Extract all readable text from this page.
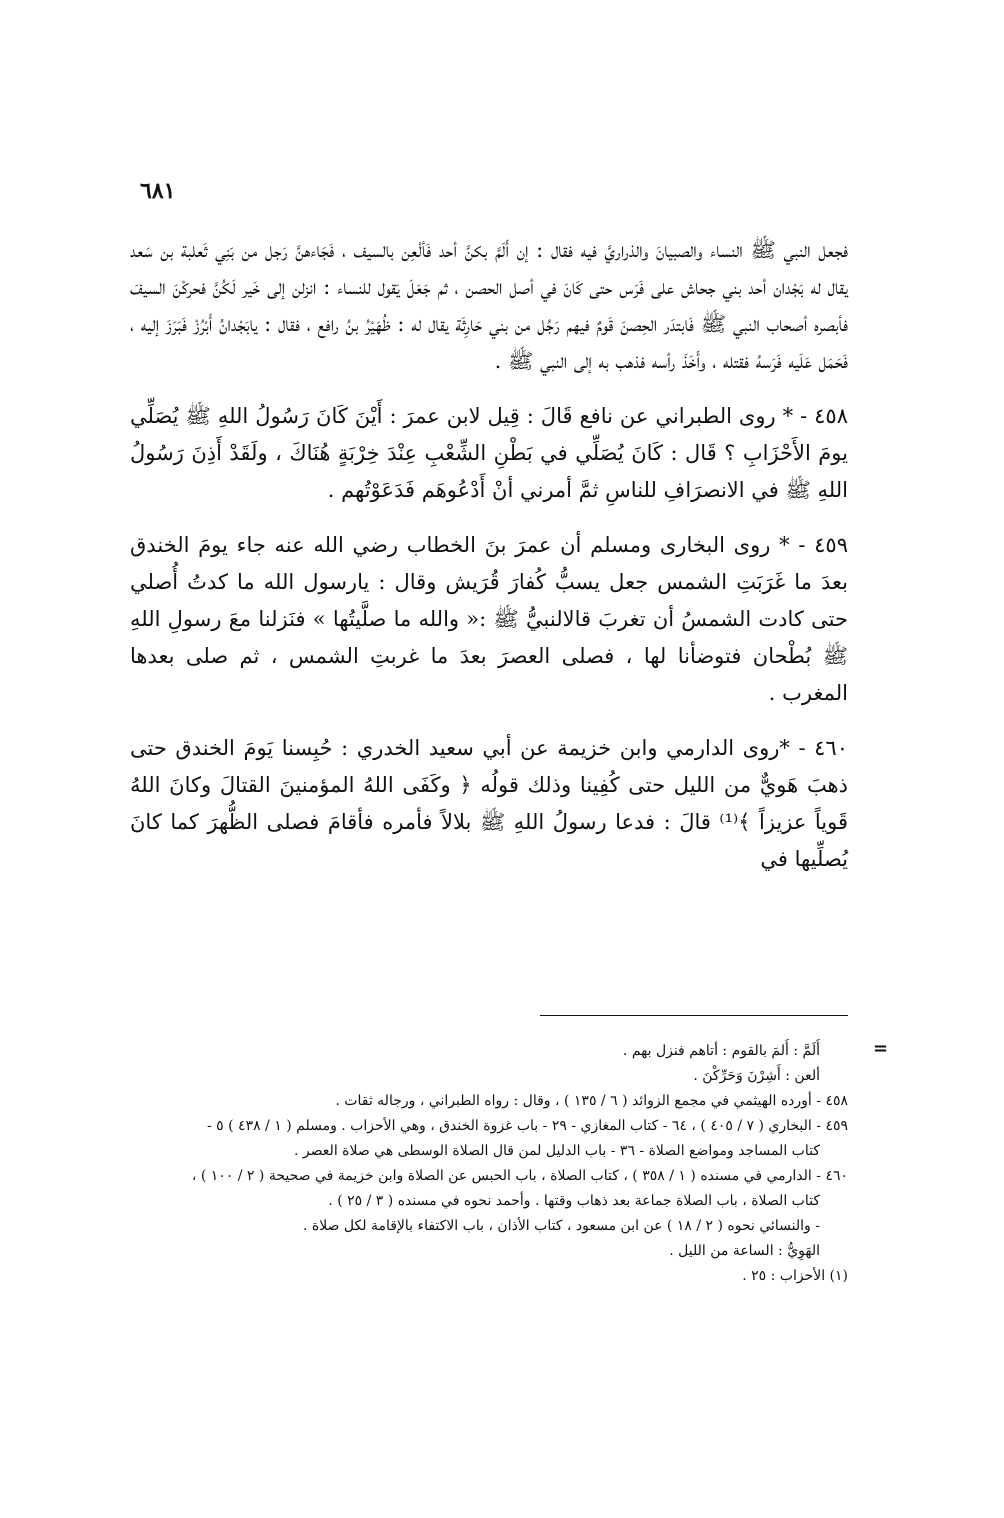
٦٨١

فجعل النبي ﷺ النساء والصبيانَ والذراريَّ فيه فقال : إن أَلَمَّ بكنَّ أحد فَألْعِن بالسيف ، فَجَاءهنَّ رَجل من بَنِي ثَعلبة بن سَعد يقال له بَجْدان أحد بني جحاش على فَرَس حتى كَانَ في أصل الحصن ، ثم جَعَلَ يَقول للنساء : انزلن إلى خَير لَكُنَّ فحركْنَ السيفَ فأبصره أصحاب النبي ﷺ فَابتدَر الحِصنَ قَومٌ فيهم رَجُل من بني حَارِثَة يقال له : ظُهَيْرُ بنُ رافع ، فقال : يابَجْدانُ أَبْرُزْ فَبَرَزَ إليه ، فَحَمَل عَلَيه فَرَسهُ فقتله ، وأَخَذَ رأسه فذهب به إلى النبي ﷺ .

٤٥٨ - * روى الطبراني عن نافع قَالَ : قِيل لابن عمرَ : أَيْنَ كَانَ رَسُولُ اللهِ ﷺ يُصَلِّي يومَ الأَحْزَابِ ؟ قَال : كَانَ يُصَلِّي في بَطْنِ الشِّعْبِ عِنْدَ خِرْبَةٍ هُنَاكَ ، ولَقَدْ أَذِنَ رَسُولُ اللهِ ﷺ في الانصرَافِ للناسِ ثمَّ أمرني أنْ أَدْعُوهَم فَدَعَوْتُهم .

٤٥٩ - * روى البخارى ومسلم أن عمرَ بنَ الخطاب رضي الله عنه جاء يومَ الخندق بعدَ ما غَرَبَتِ الشمس جعل يسبُّ كُفارَ قُرَيش وقال : يارسول الله ما كدتُ أُصلي حتى كادت الشمسُ أن تغربَ قالالنبيُّ ﷺ :« والله ما صلَّيتُها » فنَزلنا معَ رسولِ اللهِ ﷺ بُطْحان فتوضأنا لها ، فصلى العصرَ بعدَ ما غربتِ الشمس ، ثم صلى بعدها المغرب .

٤٦٠ - *روى الدارمي وابن خزيمة عن أبي سعيد الخدري : حُبِسنا يَومَ الخندق حتى ذهبَ هَويٌّ من الليل حتى كُفِينا وذلك قولُه ﴿ وكَفَى اللهُ المؤمنينَ القتالَ وكانَ اللهُ قَوياً عزيزاً ﴾⁽¹⁾ قالَ : فدعا رسولُ اللهِ ﷺ بلالاً فأمره فأقامَ فصلى الظُّهرَ كما كانَ يُصلِّيها في

=

أَلَمَّ : أَلمَ بالقوم : أتاهم فنزل بهم .

ألعن : أَشِرْنَ وَحَرِّكْنَ .

٤٥٨ - أورده الهيثمي في مجمع الزوائد ( ٦ / ١٣٥ ) ، وقال : رواه الطبراني ، ورجاله ثقات .

٤٥٩ - البخاري ( ٧ / ٤٠٥ ) ، ٦٤ - كتاب المغازي - ٢٩ - باب غزوة الخندق ، وهي الأحزاب . ومسلم ( ١ / ٤٣٨ ) ٥ -

كتاب المساجد ومواضع الصلاة - ٣٦ - باب الدليل لمن قال الصلاة الوسطى هي صلاة العصر .

٤٦٠ - الدارمي في مسنده ( ١ / ٣٥٨ ) ، كتاب الصلاة ، باب الحبس عن الصلاة وابن خزيمة في صحيحة ( ٢ / ١٠٠ ) ،

كتاب الصلاة ، باب الصلاة جماعة بعد ذهاب وقتها . وأحمد نحوه في مسنده ( ٣ / ٢٥ ) .

- والنسائي نحوه ( ٢ / ١٨ ) عن ابن مسعود ، كتاب الأذان ، باب الاكتفاء بالإقامة لكل صلاة .

الهَوِيُّ : الساعة من الليل .

(١) الأحزاب : ٢٥ .
